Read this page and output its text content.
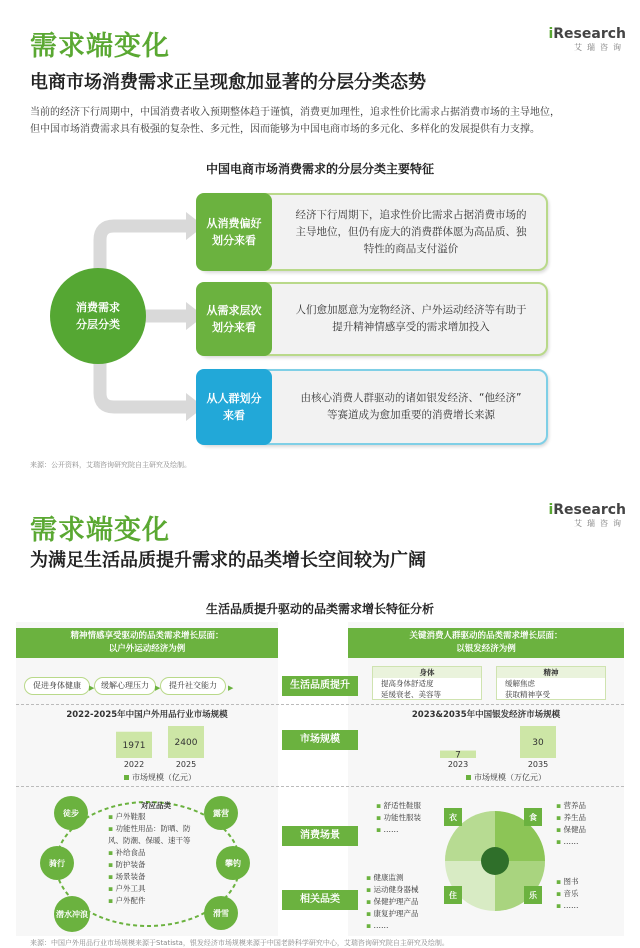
需求端变化	iResearch
艾瑞咨询
电商市场消费需求正呈现愈加显著的分层分类态势
当前的经济下行周期中，中国消费者收入预期整体趋于谨慎，消费更加理性，追求性价比需求占据消费市场的主导地位，
但中国市场消费需求具有极强的复杂性、多元性，因而能够为中国电商市场的多元化、多样化的发展提供有力支撑。
中国电商市场消费需求的分层分类主要特征
消费需求
分层分类
从消费偏好
划分来看
经济下行周期下，追求性价比需求占据消费市场的
主导地位，但仍有庞大的消费群体愿为高品质、独
特性的商品支付溢价
从需求层次
划分来看
人们愈加愿意为宠物经济、户外运动经济等有助于
提升精神情感享受的需求增加投入
从人群划分
来看
由核心消费人群驱动的诸如银发经济、“他经济”
等赛道成为愈加重要的消费增长来源
来源：公开资料，艾瑞咨询研究院自主研究及绘制。
需求端变化
iResearch
艾瑞咨询
为满足生活品质提升需求的品类增长空间较为广阔
生活品质提升驱动的品类需求增长特征分析
精神情感享受驱动的品类需求增长层面：
以户外运动经济为例
关键消费人群驱动的品类需求增长层面：
以银发经济为例
生活品质提升
市场规模
消费场景
相关品类
促进身体健康	缓解心理压力	提升社交能力
▶	▶	▶
身体
提高身体舒适度
延缓衰老、美容等
精神
缓解焦虑
获取精神享受
2022-2025年中国户外用品行业市场规模	2023&2035年中国银发经济市场规模
1971
2022
2400
2025
7
2023
30
2035
市场规模（亿元）	市场规模（万亿元）
徒步
骑行
潜水冲浪
露营
攀钓
滑雪
对应品类
▪ 户外鞋服
▪ 功能性用品：防晒、防风、防潮、保暖、速干等
▪ 补给食品
▪ 防护装备
▪ 场景装备
▪ 户外工具
▪ 户外配件
衣	食
住	乐
▪ 舒适性鞋服
▪ 功能性服装
▪ ……
▪ 营养品
▪ 养生品
▪ 保健品
▪ ……
▪ 健康监测
▪ 运动健身器械
▪ 保健护理产品
▪ 康复护理产品
▪ ……
▪ 图书
▪ 音乐
▪ ……
来源：中国户外用品行业市场规模来源于Statista，银发经济市场规模来源于中国老龄科学研究中心，艾瑞咨询研究院自主研究及绘制。
